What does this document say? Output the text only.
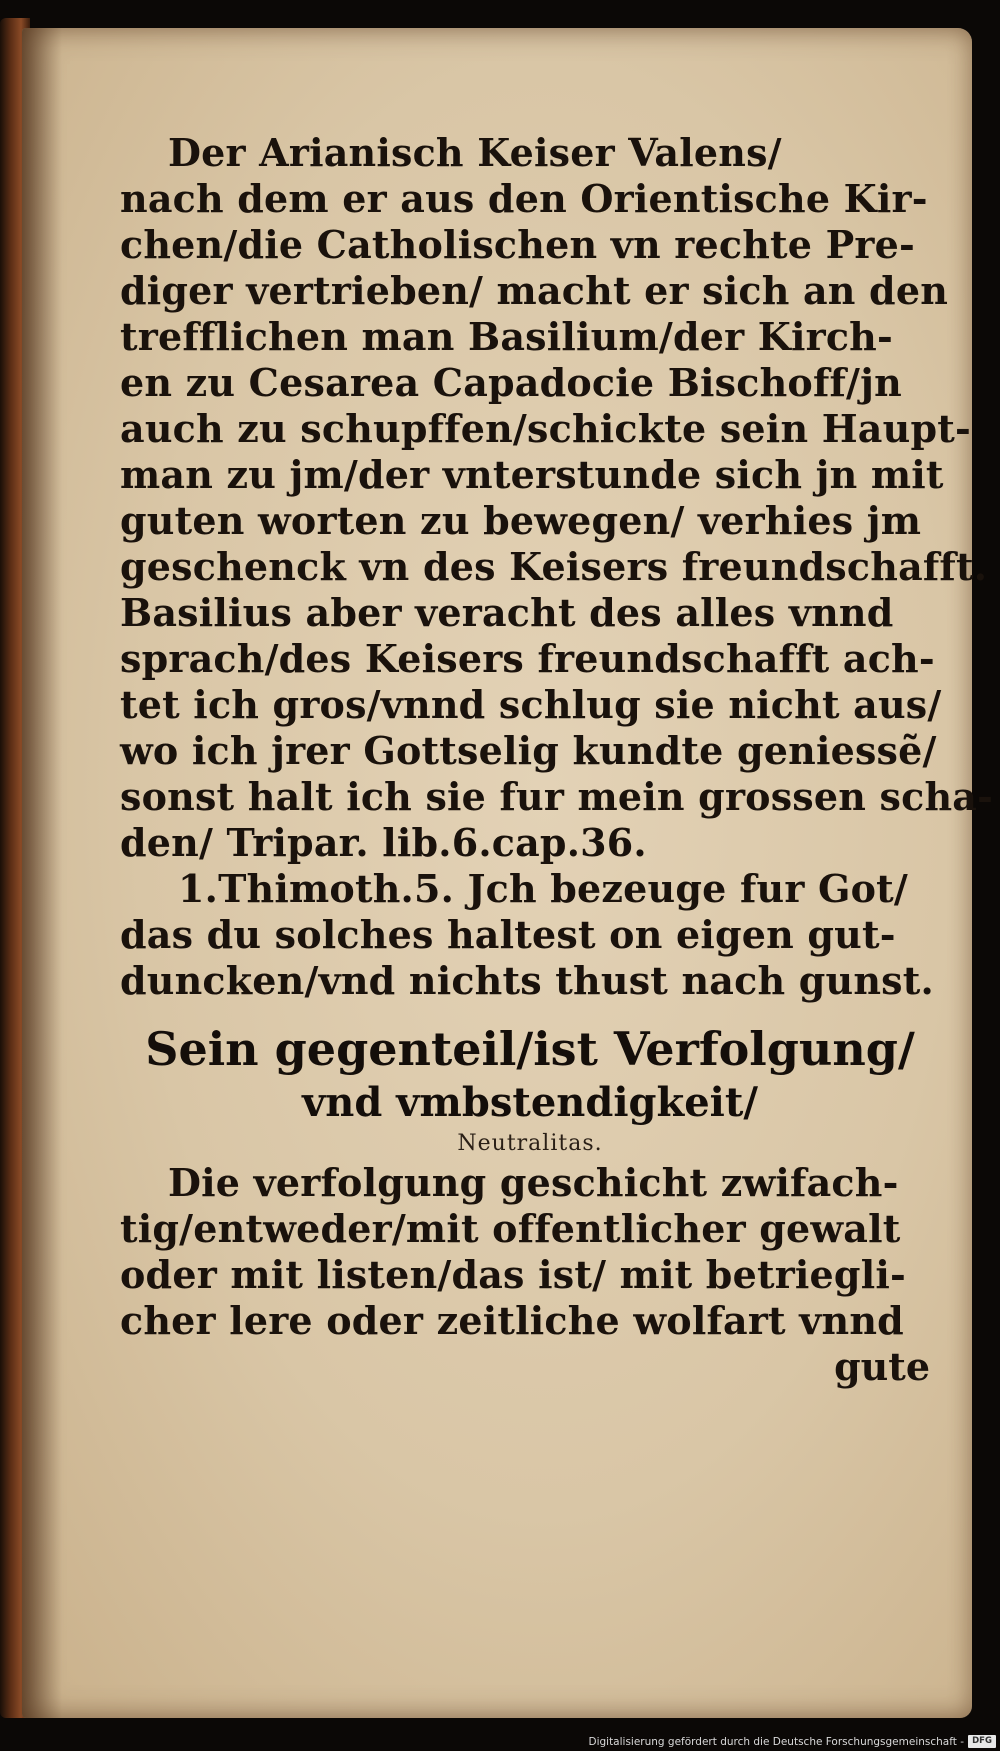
Der Arianisch Keiser Valens/
nach dem er aus den Orientische Kir-
chen/die Catholischen vn rechte Pre-
diger vertrieben/ macht er sich an den
trefflichen man Basilium/der Kirch-
en zu Cesarea Capadocie Bischoff/jn
auch zu schupffen/schickte sein Haupt-
man zu jm/der vnterstunde sich jn mit
guten worten zu bewegen/ verhies jm
geschenck vn des Keisers freundschafft.
Basilius aber veracht des alles vnnd
sprach/des Keisers freundschafft ach-
tet ich gros/vnnd schlug sie nicht aus/
wo ich jrer Gottselig kundte geniessẽ/
sonst halt ich sie fur mein grossen scha-
den/ Tripar. lib.6.cap.36.
1.Thimoth.5. Jch bezeuge fur Got/
das du solches haltest on eigen gut-
duncken/vnd nichts thust nach gunst.
Sein gegenteil/ist Verfolgung/
vnd vmbstendigkeit/
Neutralitas.
Die verfolgung geschicht zwifach-
tig/entweder/mit offentlicher gewalt
oder mit listen/das ist/ mit betriegli-
cher lere oder zeitliche wolfart vnnd
gute
Digitalisierung gefördert durch die Deutsche Forschungsgemeinschaft - DFG
